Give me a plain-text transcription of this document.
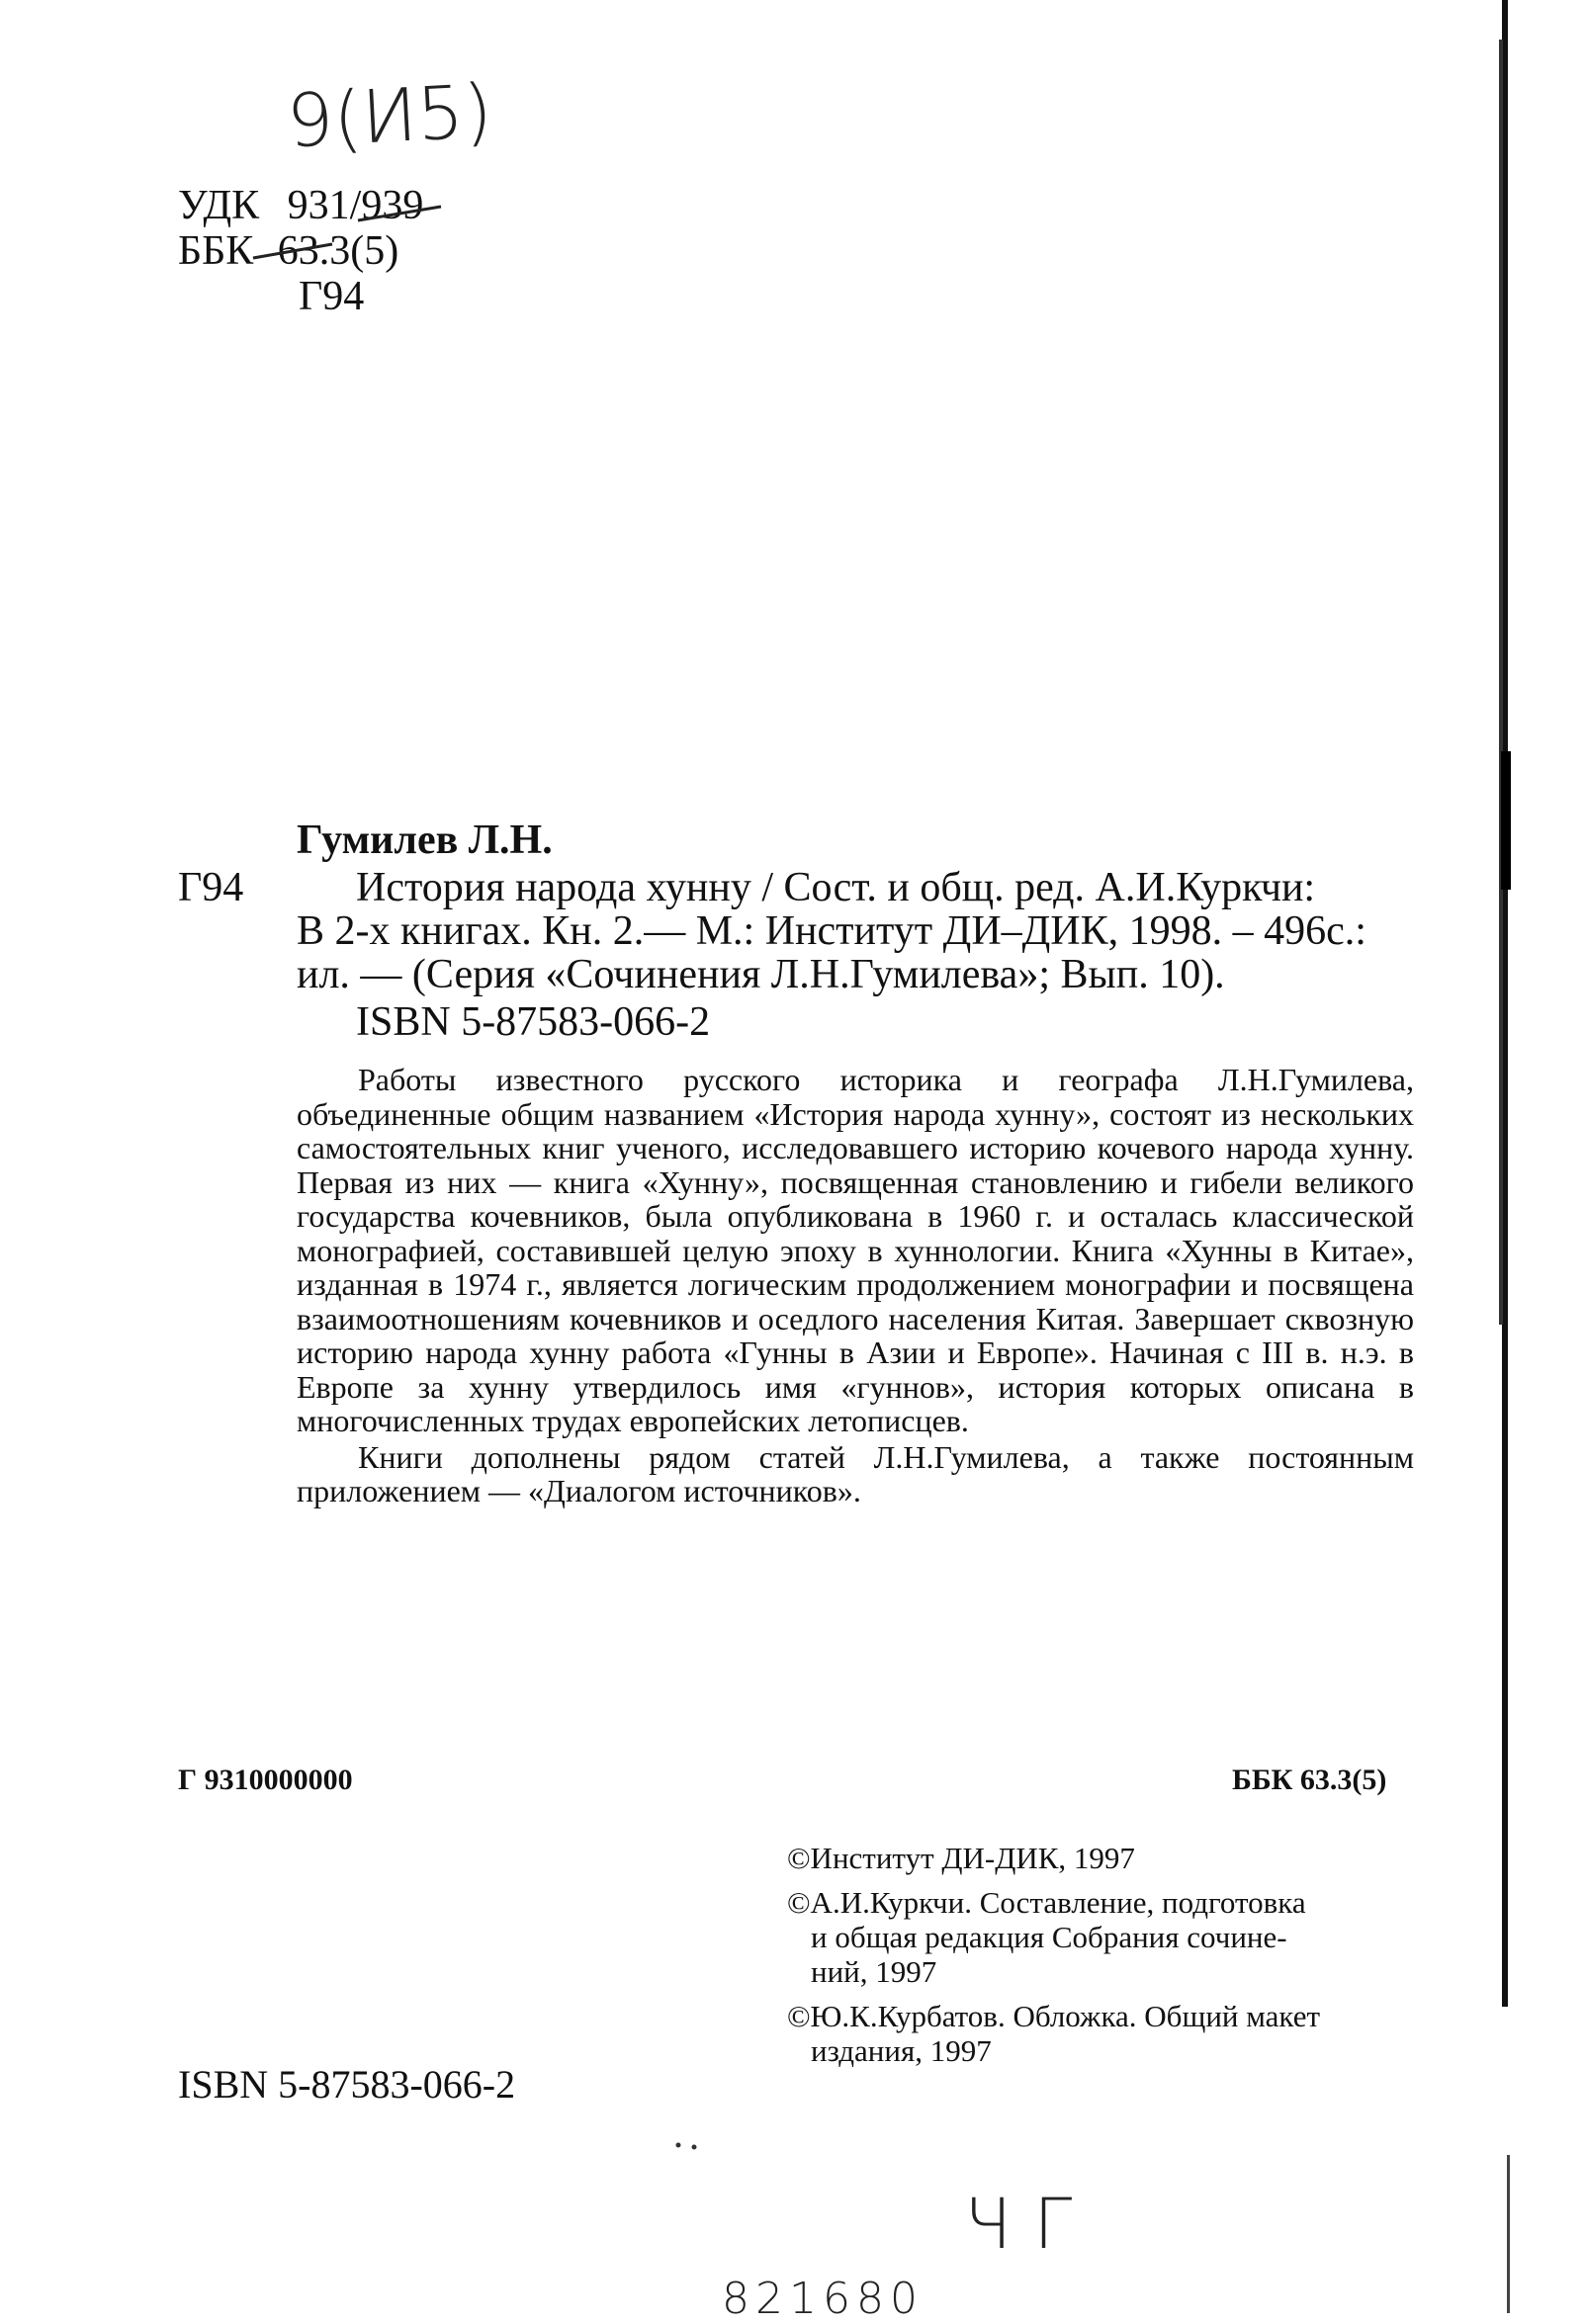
9(И5)
УДК 931/939
ББК 63.3(5)
Г94
Гумилев Л.Н.
Г94	История народа хунну / Сост. и общ. ред. А.И.Куркчи:
В 2-х книгах. Кн. 2.— М.: Институт ДИ–ДИК, 1998. – 496с.:
ил. — (Серия «Сочинения Л.Н.Гумилева»; Вып. 10).
ISBN 5-87583-066-2

Работы известного русского историка и географа Л.Н.Гумилева, объединенные общим названием «История народа хунну», состоят из нескольких самостоятельных книг ученого, исследовавшего историю кочевого народа хунну. Первая из них — книга «Хунну», посвященная становлению и гибели великого государства кочевников, была опубликована в 1960 г. и осталась классической монографией, составившей целую эпоху в хуннологии. Книга «Хунны в Китае», изданная в 1974 г., является логическим продолжением монографии и посвящена взаимоотношениям кочевников и оседлого населения Китая. Завершает сквозную историю народа хунну работа «Гунны в Азии и Европе». Начиная с III в. н.э. в Европе за хунну утвердилось имя «гуннов», история которых описана в многочисленных трудах европейских летописцев.

Книги дополнены рядом статей Л.Н.Гумилева, а также постоянным приложением — «Диалогом источников».

Г 9310000000	ББК 63.3(5)
©Институт ДИ-ДИК, 1997
©А.И.Куркчи. Составление, подготовка
и общая редакция Собрания сочине-
ний, 1997
©Ю.К.Курбатов. Обложка. Общий макет
издания, 1997
ISBN 5-87583-066-2
821680
Ч Г
